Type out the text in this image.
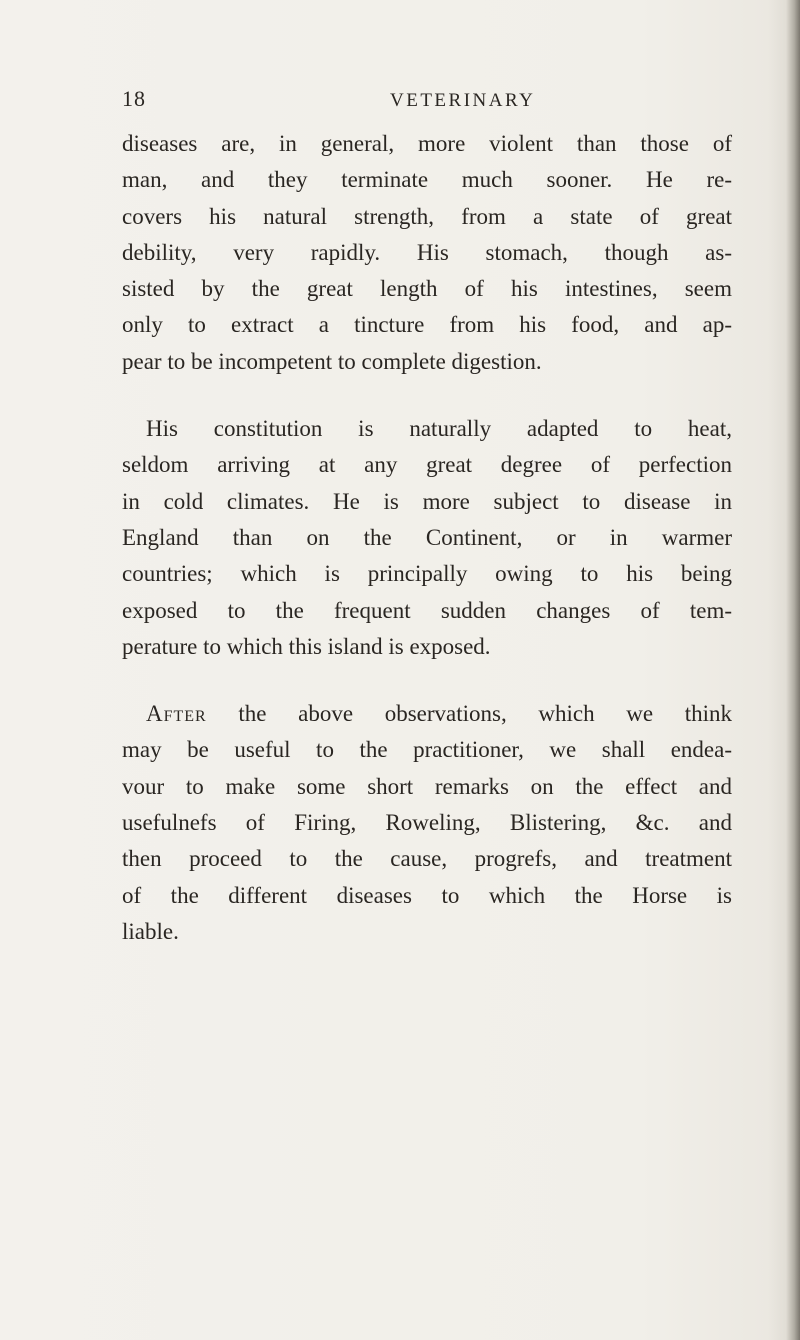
18	VETERINARY
diseases are, in general, more violent than those of
man, and they terminate much sooner. He re-
covers his natural strength, from a state of great
debility, very rapidly. His stomach, though as-
sisted by the great length of his intestines, seem
only to extract a tincture from his food, and ap-
pear to be incompetent to complete digestion.
His constitution is naturally adapted to heat,
seldom arriving at any great degree of perfection
in cold climates. He is more subject to disease in
England than on the Continent, or in warmer
countries; which is principally owing to his being
exposed to the frequent sudden changes of tem-
perature to which this island is exposed.
After the above observations, which we think
may be useful to the practitioner, we shall endea-
vour to make some short remarks on the effect and
usefulnefs of Firing, Roweling, Blistering, &c. and
then proceed to the cause, progrefs, and treatment
of the different diseases to which the Horse is
liable.
